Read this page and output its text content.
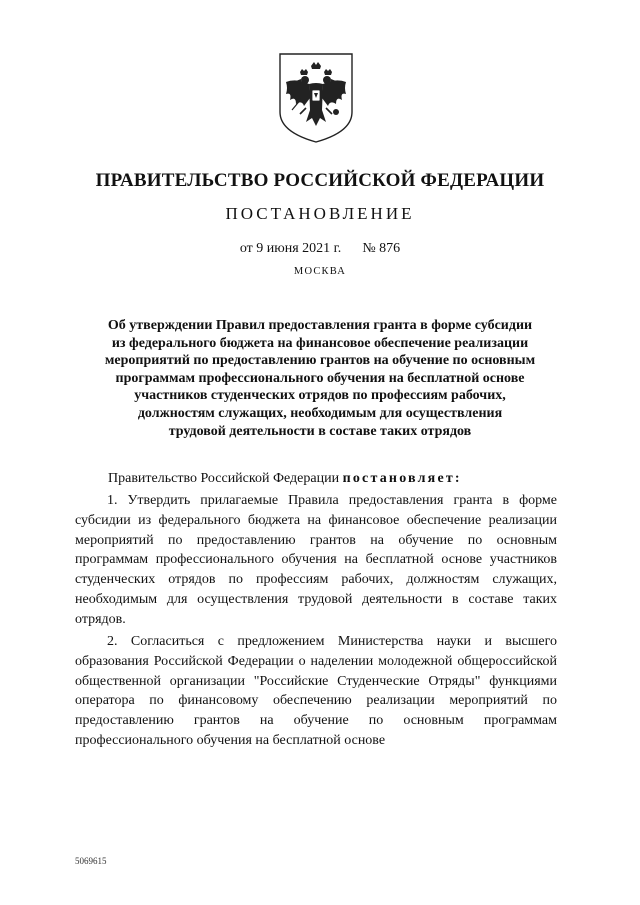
ПРАВИТЕЛЬСТВО РОССИЙСКОЙ ФЕДЕРАЦИИ
ПОСТАНОВЛЕНИЕ
от 9 июня 2021 г. № 876
МОСКВА
Об утверждении Правил предоставления гранта в форме субсидии
из федерального бюджета на финансовое обеспечение реализации
мероприятий по предоставлению грантов на обучение по основным
программам профессионального обучения на бесплатной основе
участников студенческих отрядов по профессиям рабочих,
должностям служащих, необходимым для осуществления
трудовой деятельности в составе таких отрядов
Правительство Российской Федерации постановляет:

1. Утвердить прилагаемые Правила предоставления гранта в форме субсидии из федерального бюджета на финансовое обеспечение реализации мероприятий по предоставлению грантов на обучение по основным программам профессионального обучения на бесплатной основе участников студенческих отрядов по профессиям рабочих, должностям служащих, необходимым для осуществления трудовой деятельности в составе таких отрядов.

2. Согласиться с предложением Министерства науки и высшего образования Российской Федерации о наделении молодежной общероссийской общественной организации "Российские Студенческие Отряды" функциями оператора по финансовому обеспечению реализации мероприятий по предоставлению грантов на обучение по основным программам профессионального обучения на бесплатной основе

5069615
